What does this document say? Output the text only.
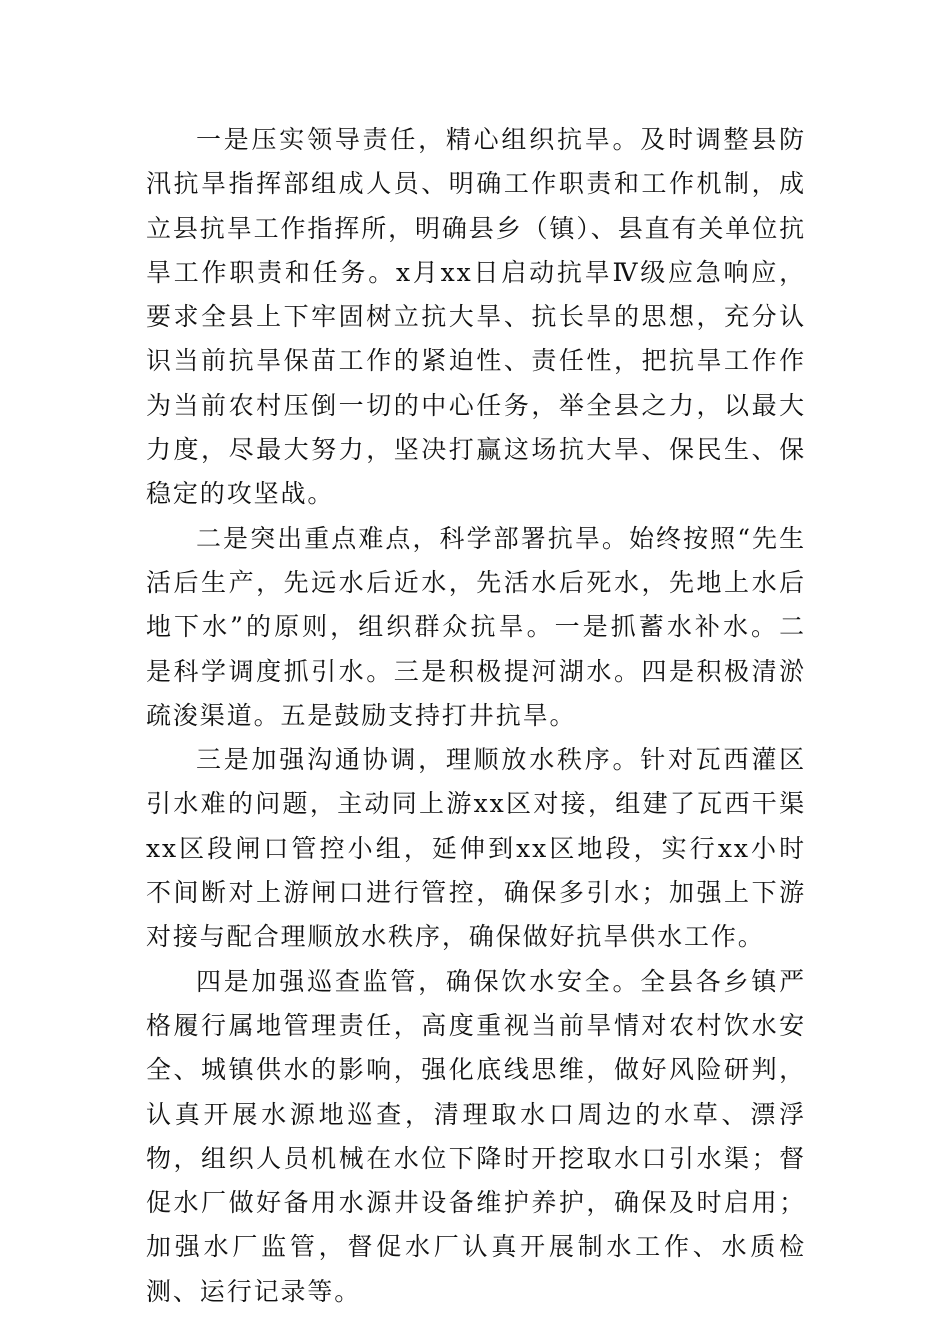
一是压实领导责任，精心组织抗旱。及时调整县防汛抗旱指挥部组成人员、明确工作职责和工作机制，成立县抗旱工作指挥所，明确县乡（镇）、县直有关单位抗旱工作职责和任务。x月xx日启动抗旱Ⅳ级应急响应，要求全县上下牢固树立抗大旱、抗长旱的思想，充分认识当前抗旱保苗工作的紧迫性、责任性，把抗旱工作作为当前农村压倒一切的中心任务，举全县之力，以最大力度，尽最大努力，坚决打赢这场抗大旱、保民生、保稳定的攻坚战。

二是突出重点难点，科学部署抗旱。始终按照“先生活后生产，先远水后近水，先活水后死水，先地上水后地下水”的原则，组织群众抗旱。一是抓蓄水补水。二是科学调度抓引水。三是积极提河湖水。四是积极清淤疏浚渠道。五是鼓励支持打井抗旱。

三是加强沟通协调，理顺放水秩序。针对瓦西灌区引水难的问题，主动同上游xx区对接，组建了瓦西干渠xx区段闸口管控小组，延伸到xx区地段，实行xx小时不间断对上游闸口进行管控，确保多引水；加强上下游对接与配合理顺放水秩序，确保做好抗旱供水工作。

四是加强巡查监管，确保饮水安全。全县各乡镇严格履行属地管理责任，高度重视当前旱情对农村饮水安全、城镇供水的影响，强化底线思维，做好风险研判，认真开展水源地巡查，清理取水口周边的水草、漂浮物，组织人员机械在水位下降时开挖取水口引水渠；督促水厂做好备用水源井设备维护养护，确保及时启用；加强水厂监管，督促水厂认真开展制水工作、水质检测、运行记录等。
